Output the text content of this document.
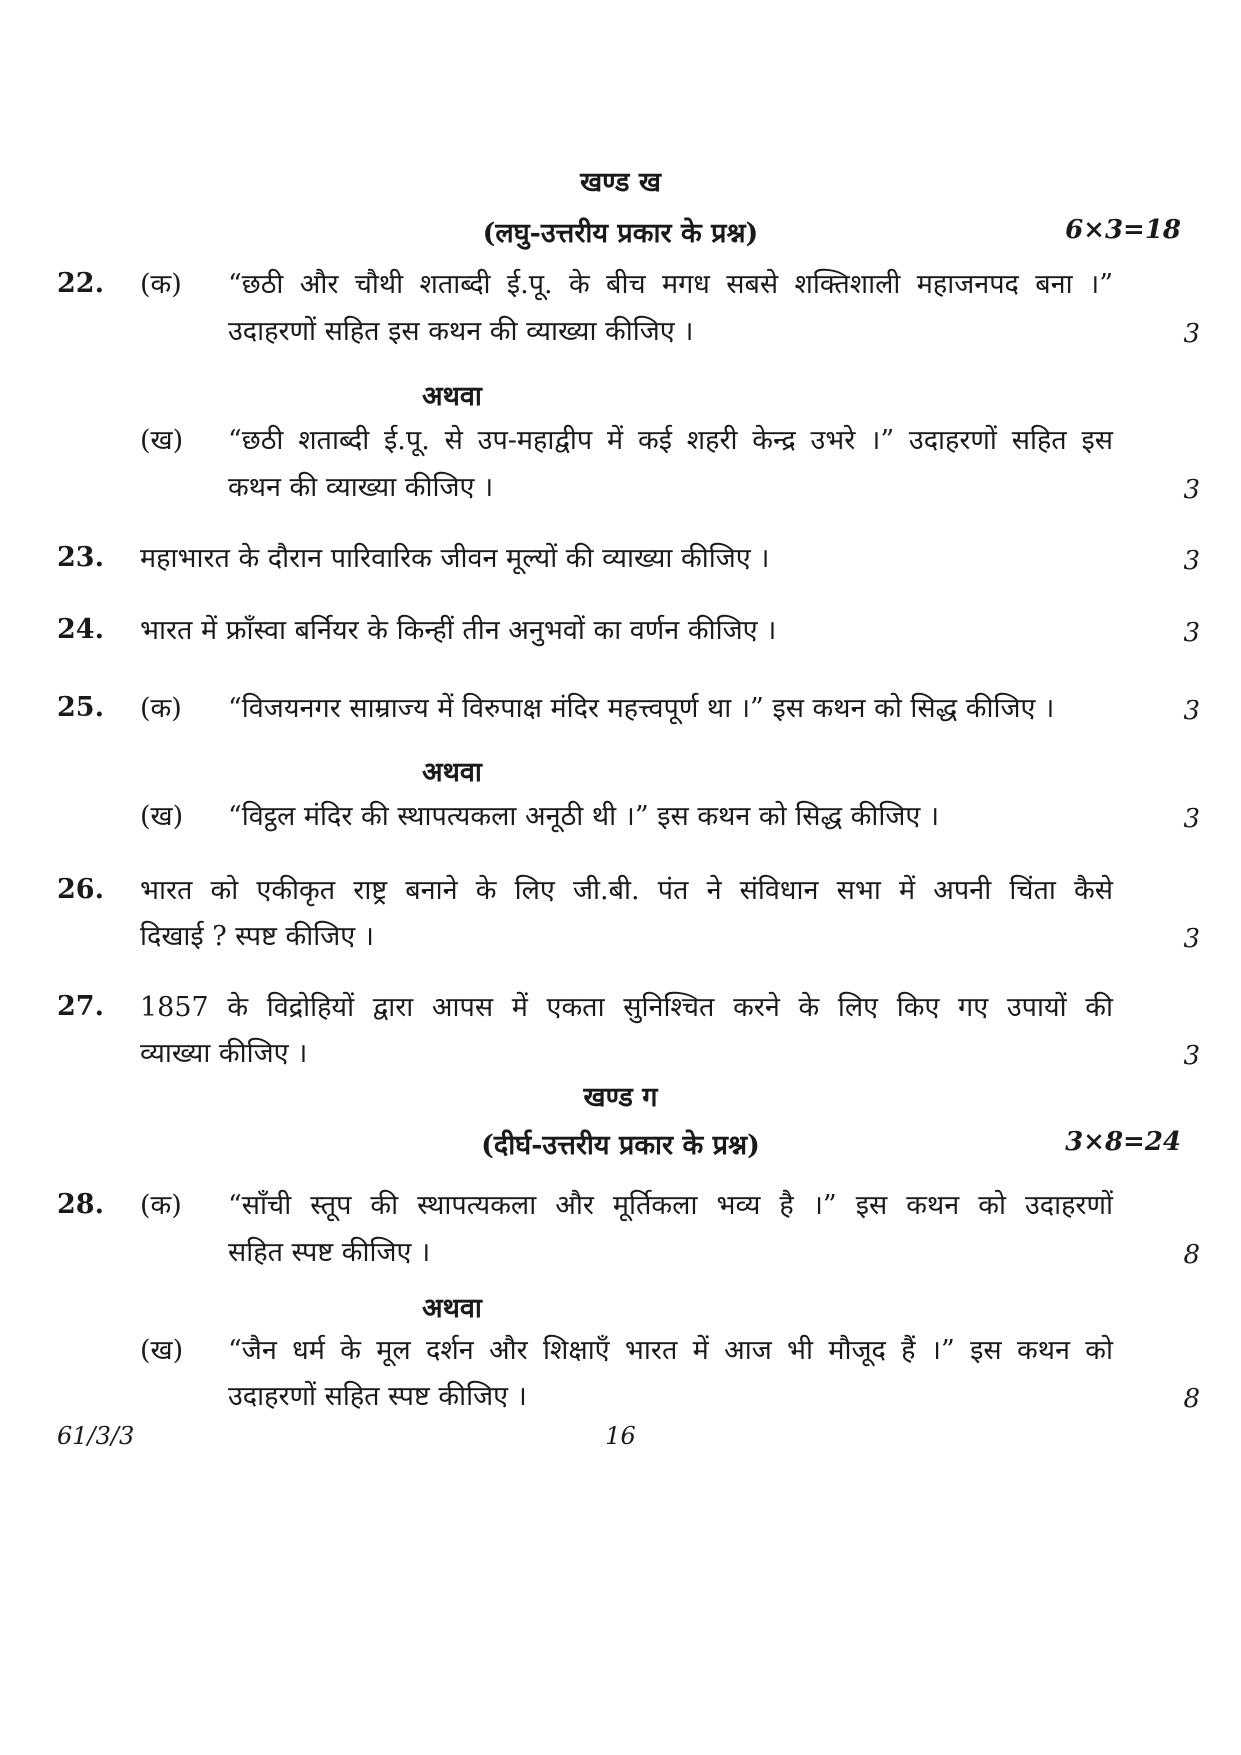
खण्ड ख
(लघु-उत्तरीय प्रकार के प्रश्न)	6×3=18
22.	(क)	“छठी और चौथी शताब्दी ई.पू. के बीच मगध सबसे शक्तिशाली महाजनपद बना ।”
उदाहरणों सहित इस कथन की व्याख्या कीजिए ।	3
अथवा
(ख)	“छठी शताब्दी ई.पू. से उप-महाद्वीप में कई शहरी केन्द्र उभरे ।” उदाहरणों सहित इस
कथन की व्याख्या कीजिए ।	3
23.	महाभारत के दौरान पारिवारिक जीवन मूल्यों की व्याख्या कीजिए ।	3
24.	भारत में फ्रॉंस्वा बर्नियर के किन्हीं तीन अनुभवों का वर्णन कीजिए ।	3
25.	(क)	“विजयनगर साम्राज्य में विरुपाक्ष मंदिर महत्त्वपूर्ण था ।” इस कथन को सिद्ध कीजिए ।	3
अथवा
(ख)	“विट्ठल मंदिर की स्थापत्यकला अनूठी थी ।” इस कथन को सिद्ध कीजिए ।	3
26.	भारत को एकीकृत राष्ट्र बनाने के लिए जी.बी. पंत ने संविधान सभा में अपनी चिंता कैसे
दिखाई ? स्पष्ट कीजिए ।	3
27.	1857 के विद्रोहियों द्वारा आपस में एकता सुनिश्चित करने के लिए किए गए उपायों की
व्याख्या कीजिए ।	3
खण्ड ग
(दीर्घ-उत्तरीय प्रकार के प्रश्न)	3×8=24
28.	(क)	“साँची स्तूप की स्थापत्यकला और मूर्तिकला भव्य है ।” इस कथन को उदाहरणों
सहित स्पष्ट कीजिए ।	8
अथवा
(ख)	“जैन धर्म के मूल दर्शन और शिक्षाएँ भारत में आज भी मौजूद हैं ।” इस कथन को
उदाहरणों सहित स्पष्ट कीजिए ।	8
61/3/3	16
